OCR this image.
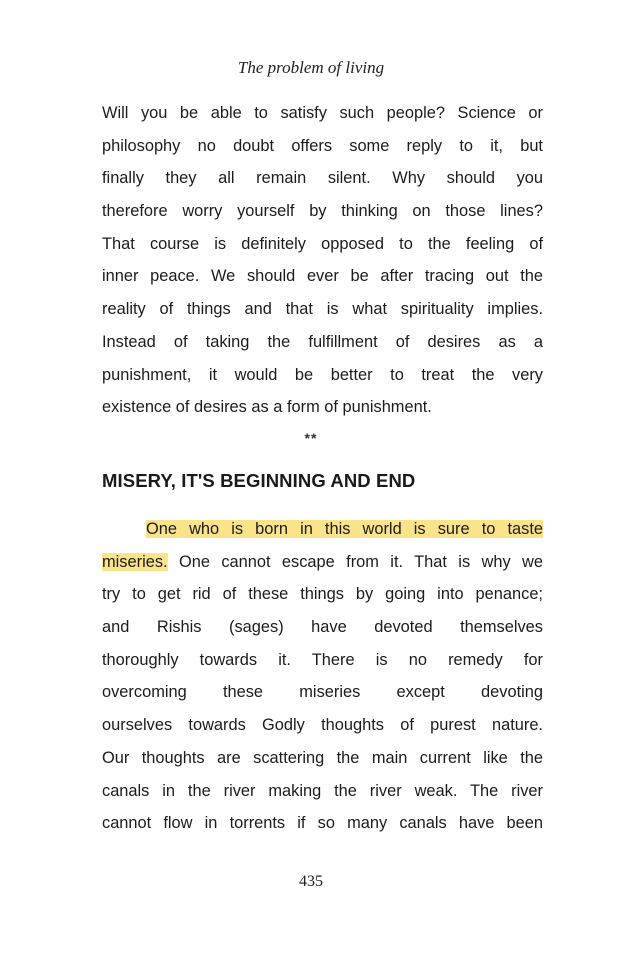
The problem of living
Will you be able to satisfy such people? Science or
philosophy no doubt offers some reply to it, but
finally they all remain silent. Why should you
therefore worry yourself by thinking on those lines?
That course is definitely opposed to the feeling of
inner peace. We should ever be after tracing out the
reality of things and that is what spirituality implies.
Instead of taking the fulfillment of desires as a
punishment, it would be better to treat the very
existence of desires as a form of punishment.
**
MISERY, IT'S BEGINNING AND END
One who is born in this world is sure to taste
miseries. One cannot escape from it. That is why we
try to get rid of these things by going into penance;
and Rishis (sages) have devoted themselves
thoroughly towards it. There is no remedy for
overcoming these miseries except devoting
ourselves towards Godly thoughts of purest nature.
Our thoughts are scattering the main current like the
canals in the river making the river weak. The river
cannot flow in torrents if so many canals have been
435
